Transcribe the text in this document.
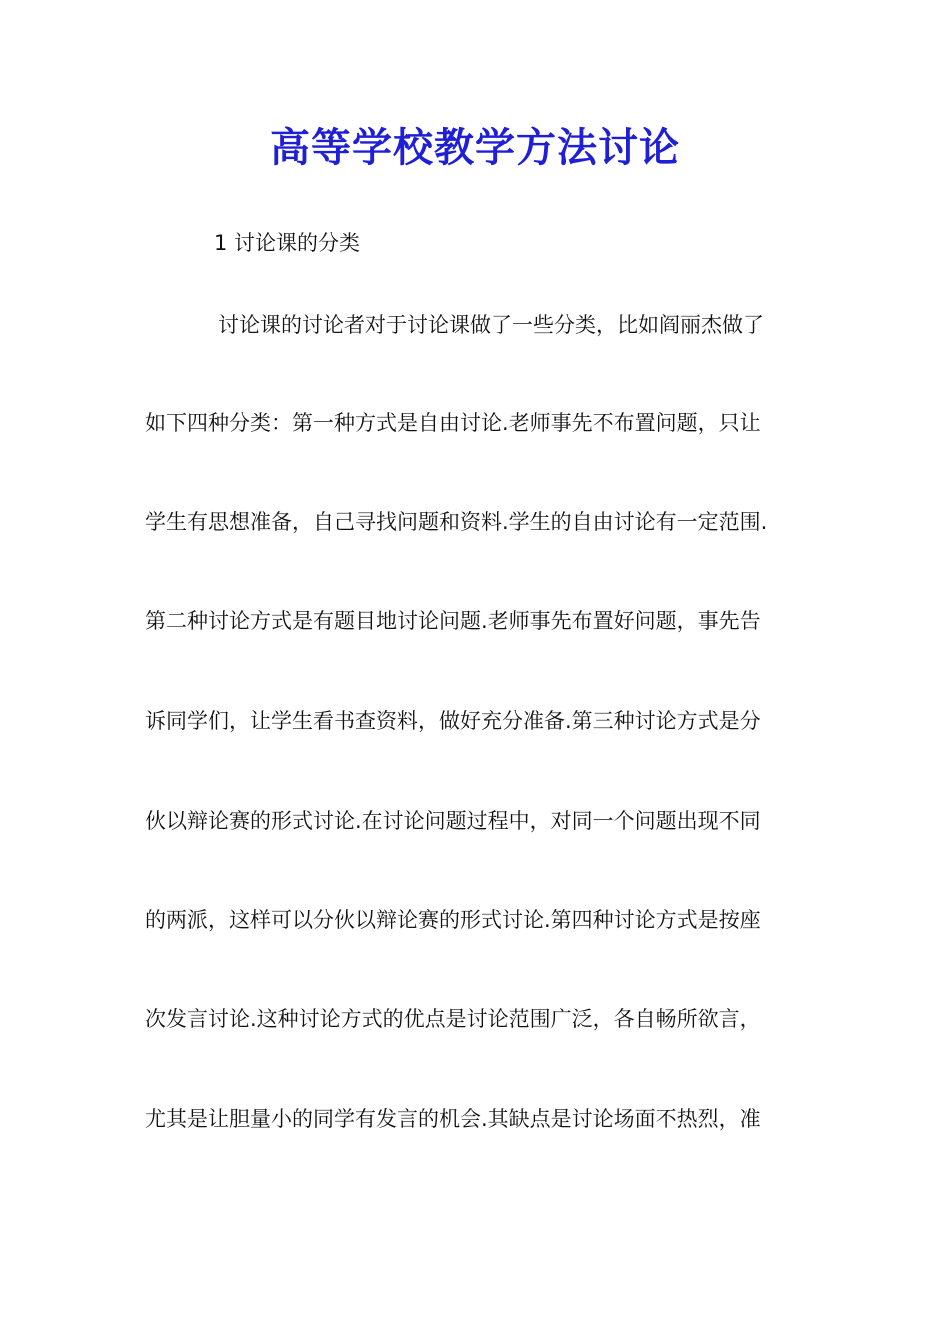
高等学校教学方法讨论

1 讨论课的分类

讨论课的讨论者对于讨论课做了一些分类，比如阎丽杰做了

如下四种分类：第一种方式是自由讨论.老师事先不布置问题，只让

学生有思想准备，自己寻找问题和资料.学生的自由讨论有一定范围.

第二种讨论方式是有题目地讨论问题.老师事先布置好问题，事先告

诉同学们，让学生看书查资料，做好充分准备.第三种讨论方式是分

伙以辩论赛的形式讨论.在讨论问题过程中，对同一个问题出现不同

的两派，这样可以分伙以辩论赛的形式讨论.第四种讨论方式是按座

次发言讨论.这种讨论方式的优点是讨论范围广泛，各自畅所欲言，

尤其是让胆量小的同学有发言的机会.其缺点是讨论场面不热烈，准
